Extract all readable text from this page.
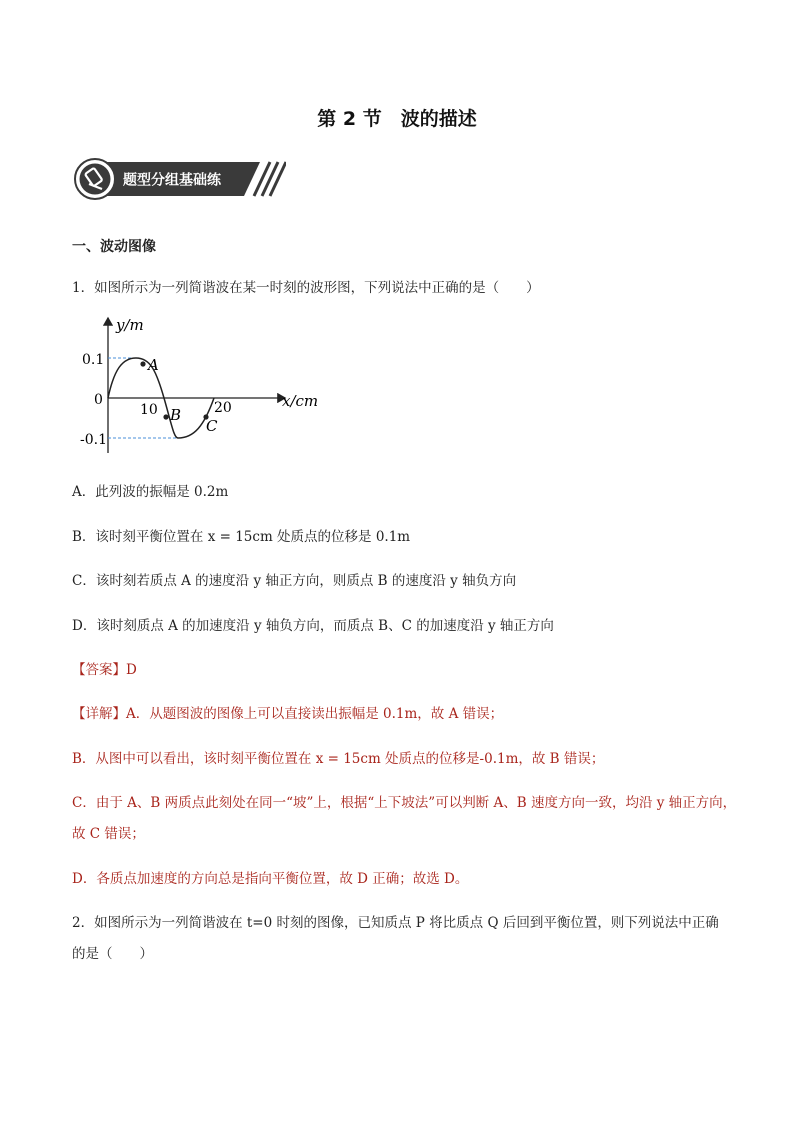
第 2 节　波的描述
题型分组基础练
一、波动图像
1．如图所示为一列简谐波在某一时刻的波形图，下列说法中正确的是（　　）
y/m
x/cm
0.1
-0.1
0
10	20
A
B
C
A．此列波的振幅是 0.2m
B．该时刻平衡位置在 x = 15cm 处质点的位移是 0.1m
C．该时刻若质点 A 的速度沿 y 轴正方向，则质点 B 的速度沿 y 轴负方向
D．该时刻质点 A 的加速度沿 y 轴负方向，而质点 B、C 的加速度沿 y 轴正方向
【答案】D
【详解】A．从题图波的图像上可以直接读出振幅是 0.1m，故 A 错误；
B．从图中可以看出，该时刻平衡位置在 x = 15cm 处质点的位移是-0.1m，故 B 错误；
C．由于 A、B 两质点此刻处在同一“坡”上，根据“上下坡法”可以判断 A、B 速度方向一致，均沿 y 轴正方向，
故 C 错误；
D．各质点加速度的方向总是指向平衡位置，故 D 正确；故选 D。
2．如图所示为一列简谐波在 t=0 时刻的图像，已知质点 P 将比质点 Q 后回到平衡位置，则下列说法中正确
的是（　　）
